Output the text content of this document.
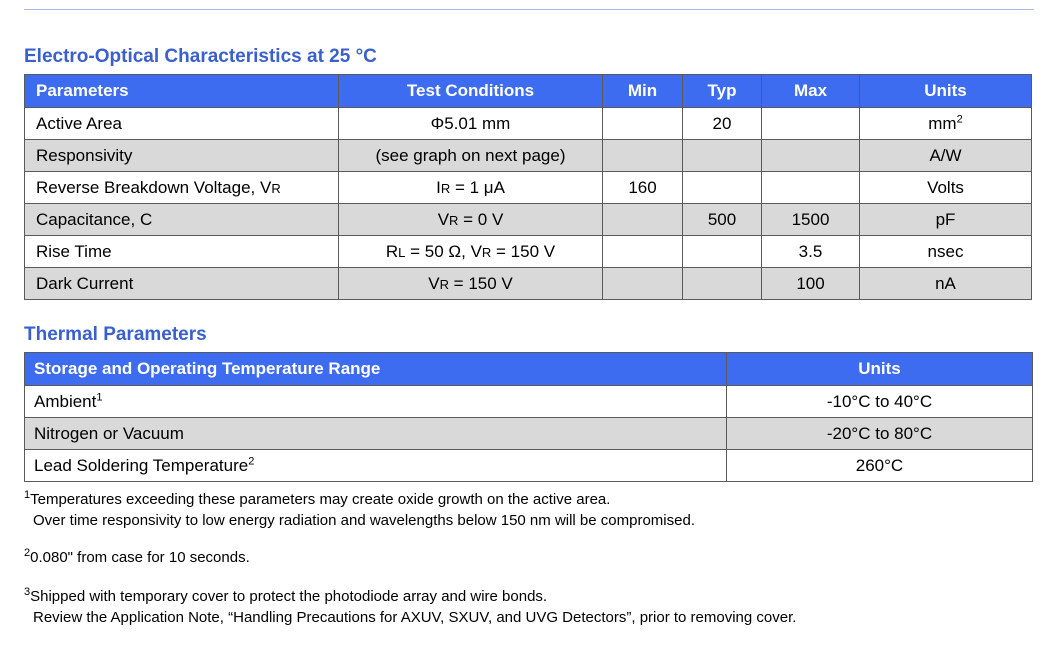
Electro-Optical Characteristics at 25 °C
Parameters	Test Conditions	Min	Typ	Max	Units
Active Area	Φ5.01 mm		20		$mm^2$
Responsivity	(see graph on next page)				A/W
Reverse Breakdown Voltage, VR	IR = 1 μA	160			Volts
Capacitance, C	VR = 0 V		500	1500	pF
Rise Time	RL = 50 Ω, VR = 150 V			3.5	nsec
Dark Current	VR = 150 V			100	nA
Thermal Parameters
Storage and Operating Temperature Range	Units
Ambient$^1$	-10°C to 40°C
Nitrogen or Vacuum	-20°C to 80°C
Lead Soldering Temperature$^2$	260°C
$^1$Temperatures exceeding these parameters may create oxide growth on the active area.
Over time responsivity to low energy radiation and wavelengths below 150 nm will be compromised.
$^2$0.080" from case for 10 seconds.
$^3$Shipped with temporary cover to protect the photodiode array and wire bonds.
Review the Application Note, “Handling Precautions for AXUV, SXUV, and UVG Detectors”, prior to removing cover.
